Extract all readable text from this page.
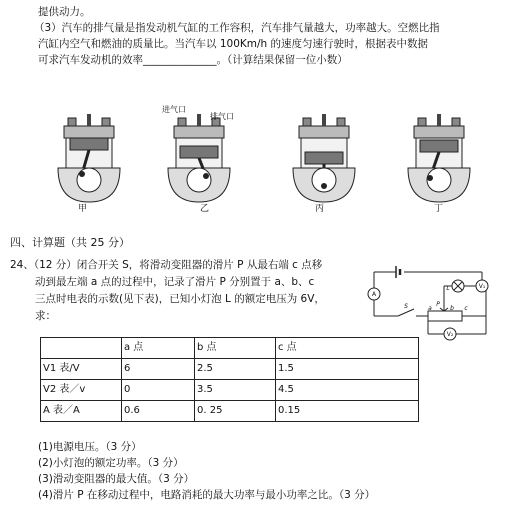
提供动力。
（3）汽车的排气量是指发动机气缸的工作容积，汽车排气量越大，功率越大。空燃比指
汽缸内空气和燃油的质量比。当汽车以 100Km/h 的速度匀速行驶时，根据表中数据
可求汽车发动机的效率______________。（计算结果保留一位小数）
甲
进气口
排气口
乙	丙	丁
四、计算题（共 25 分）
24、（12 分）闭合开关 S，将滑动变阻器的滑片 P 从最右端 c 点移
动到最左端 a 点的过程中，记录了滑片 P 分别置于 a、b、c
三点时电表的示数(见下表)，已知小灯泡 L 的额定电压为 6V，
求：
A
L	V₁
V₂
S	a	b c
P
	a 点	b 点	c 点
V1 表/V	6	2.5	1.5
V2 表／v	0	3.5	4.5
A 表／A	0.6	0. 25	0.15
(1)电源电压。（3 分）
(2)小灯泡的额定功率。（3 分）
(3)滑动变阻器的最大值。（3 分）
(4)滑片 P 在移动过程中，电路消耗的最大功率与最小功率之比。（3 分）
